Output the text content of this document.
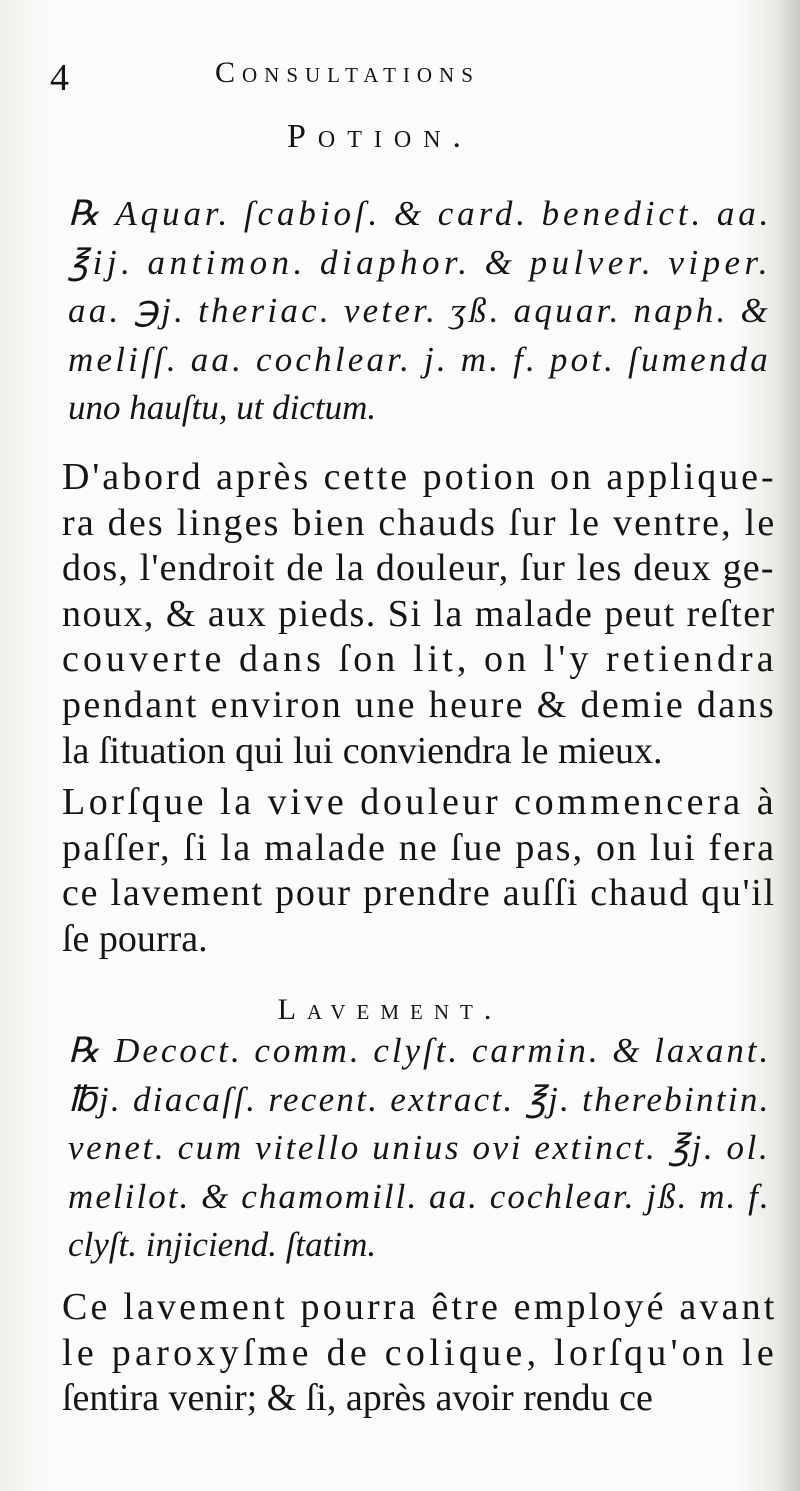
4	Consultations
Potion.
℞ Aquar. ſcabioſ. & card. benedict. aa.
℥ij. antimon. diaphor. & pulver. viper.
aa. ℈j. theriac. veter. ʒß. aquar. naph. &
meliſſ. aa. cochlear. j. m. f. pot. ſumenda
uno hauſtu, ut dictum.
D'abord après cette potion on applique-
ra des linges bien chauds ſur le ventre, le
dos, l'endroit de la douleur, ſur les deux ge-
noux, & aux pieds. Si la malade peut reſter
couverte dans ſon lit, on l'y retiendra
pendant environ une heure & demie dans
la ſituation qui lui conviendra le mieux.
Lorſque la vive douleur commencera à
paſſer, ſi la malade ne ſue pas, on lui fera
ce lavement pour prendre auſſi chaud qu'il
ſe pourra.
Lavement.
℞ Decoct. comm. clyſt. carmin. & laxant.
℔j. diacaſſ. recent. extract. ℥j. therebintin.
venet. cum vitello unius ovi extinct. ℥j. ol.
melilot. & chamomill. aa. cochlear. jß. m. f.
clyſt. injiciend. ſtatim.
Ce lavement pourra être employé avant
le paroxyſme de colique, lorſqu'on le
ſentira venir; & ſi, après avoir rendu ce
